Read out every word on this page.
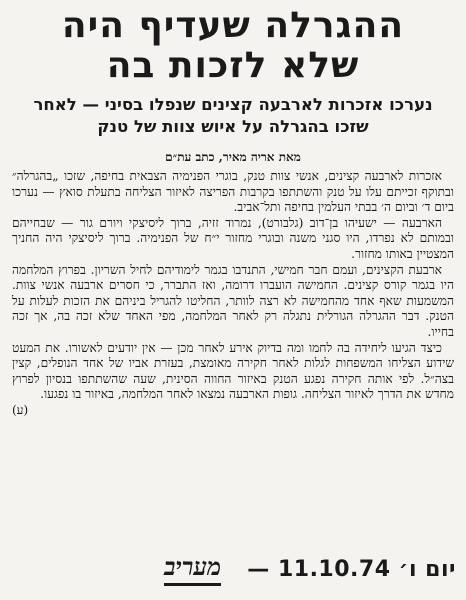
ההגרלה שעדיף היה
שלא לזכות בה
נערכו אזכרות לארבעה קצינים שנפלו בסיני — לאחר שזכו בהגרלה על איוש צוות של טנק
מאת אריה מאיר, כתב עת״ם

אזכרות לארבעה קצינים, אנשי צוות טנק, בוגרי הפנימיה הצבאית בחיפה, שזכו „בהגרלה״ ובתוקף זכייתם עלו על טנק והשתתפו בקרבות הפריצה לאיזור הצליחה בתעלת סואץ — נערכו ביום ד׳ וביום ה׳ בבתי העלמין בחיפה ותל־אביב.

הארבעה — ישעיהו בן־דוב (גלבורט), נמרוד זזיה, ברוך ליסיצקי ויורם גור — שבחייהם ובמותם לא נפרדו, היו סגני משנה ובוגרי מחזור י״ח של הפנימיה. ברוך ליסיצקי היה החניך המצטיין באותו מחזור.

ארבעת הקצינים, ועמם חבר חמישי, התנדבו בגמר לימודיהם לחיל השריון. בפרוץ המלחמה היו בגמר קורס קצינים. החמישה הועברו דרומה, ואז התברר, כי חסרים ארבעה אנשי צוות. המשמעות שאף אחד מהחמישה לא רצה לוותר, החליטו להגריל ביניהם את הזכות לעלות על הטנק. דבר ההגרלה הגורלית נתגלה רק לאחר המלחמה, מפי האחד שלא זכה בה, אך זכה בחייו.

כיצד הגיעו ליחידה בה לחמו ומה בדיוק אירע לאחר מכן — אין יודעים לאשורו. את המעט שידוע הצליחו המשפחות לגלות לאחר חקירה מאומצת, בעזרת אביו של אחד הנופלים, קצין בצה״ל. לפי אותה חקירה נפגע הטנק באיזור החווה הסינית, שעה שהשתתפו בנסיון לפרוץ מחדש את הדרך לאיזור הצליחה. גופות הארבעה נמצאו לאחר המלחמה, באיזור בו נפגעו.

(ע)
יום ו׳ 11.10.74 —
מעריב
